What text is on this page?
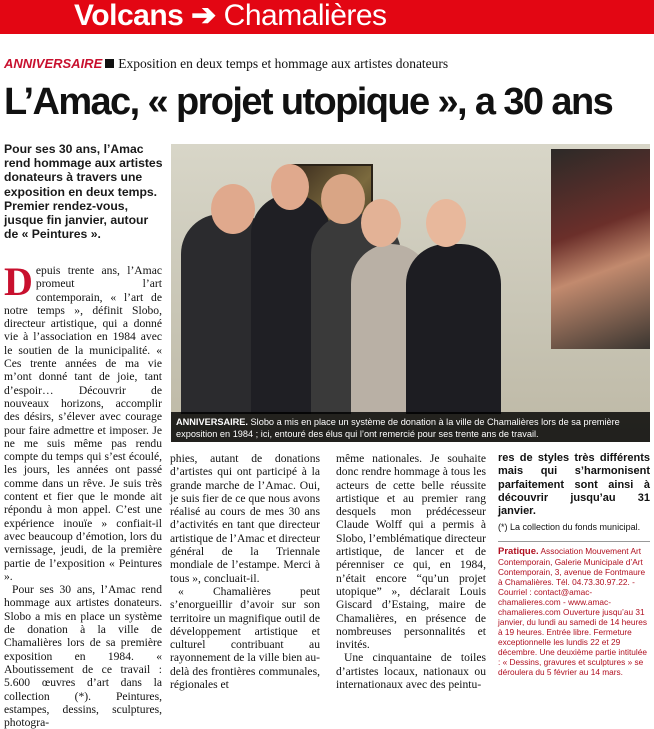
Volcans ➔ Chamalières
ANNIVERSAIRE Exposition en deux temps et hommage aux artistes donateurs
L’Amac, « projet utopique », a 30 ans
Pour ses 30 ans, l’Amac rend hommage aux artistes donateurs à travers une exposition en deux temps. Premier rendez-vous, jusque fin janvier, autour de « Peintures ».
ANNIVERSAIRE. Slobo a mis en place un système de donation à la ville de Chamalières lors de sa première exposition en 1984 ; ici, entouré des élus qui l’ont remercié pour ses trente ans de travail.

Depuis trente ans, l’Amac promeut l’art contemporain, « l’art de notre temps », définit Slobo, directeur artistique, qui a donné vie à l’association en 1984 avec le soutien de la municipalité. « Ces trente années de ma vie m’ont donné tant de joie, tant d’espoir… Découvrir de nouveaux horizons, accomplir des désirs, s’élever avec courage pour faire admettre et imposer. Je ne me suis même pas rendu compte du temps qui s’est écoulé, les jours, les années ont passé comme dans un rêve. Je suis très content et fier que le monde ait répondu à mon appel. C’est une expérience inouïe » confiait-il avec beaucoup d’émotion, lors du vernissage, jeudi, de la première partie de l’exposition « Peintures ».

Pour ses 30 ans, l’Amac rend hommage aux artistes donateurs. Slobo a mis en place un système de donation à la ville de Chamalières lors de sa première exposition en 1984. « Aboutissement de ce travail : 5.600 œuvres d’art dans la collection (*). Peintures, estampes, dessins, sculptures, photogra-

phies, autant de donations d’artistes qui ont participé à la grande marche de l’Amac. Oui, je suis fier de ce que nous avons réalisé au cours de mes 30 ans d’activités en tant que directeur artistique de l’Amac et directeur général de la Triennale mondiale de l’estampe. Merci à tous », concluait-il.

« Chamalières peut s’enorgueillir d’avoir sur son territoire un magnifique outil de développement artistique et culturel contribuant au rayonnement de la ville bien au-delà des frontières communales, régionales et

même nationales. Je souhaite donc rendre hommage à tous les acteurs de cette belle réussite artistique et au premier rang desquels mon prédécesseur Claude Wolff qui a permis à Slobo, l’emblématique directeur artistique, de lancer et de pérenniser ce qui, en 1984, n’était encore “qu’un projet utopique” », déclarait Louis Giscard d’Estaing, maire de Chamalières, en présence de nombreuses personnalités et invités.

Une cinquantaine de toiles d’artistes locaux, nationaux ou internationaux avec des peintu-

res de styles très différents mais qui s’harmonisent parfaitement sont ainsi à découvrir jusqu’au 31 janvier.

(*) La collection du fonds municipal.
Pratique. Association Mouvement Art Contemporain, Galerie Municipale d’Art Contemporain, 3, avenue de Fontmaure à Chamalières. Tél. 04.73.30.97.22. - Courriel : contact@amac-chamalieres.com - www.amac-chamalieres.com Ouverture jusqu’au 31 janvier, du lundi au samedi de 14 heures à 19 heures. Entrée libre. Fermeture exceptionnelle les lundis 22 et 29 décembre. Une deuxième partie intitulée : « Dessins, gravures et sculptures » se déroulera du 5 février au 14 mars.
